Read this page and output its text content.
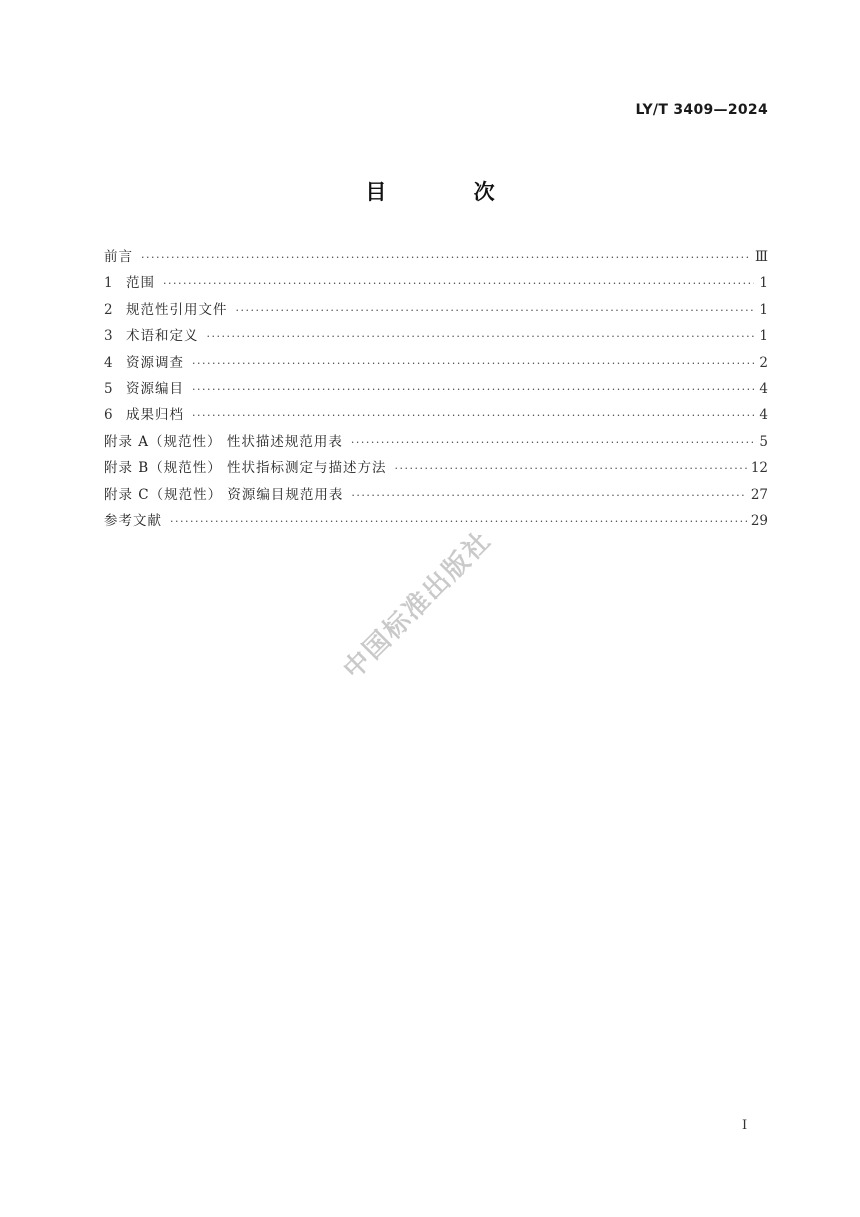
LY/T 3409—2024
目 次
前言 ·····	Ⅲ
1 范围 ·····	1
2 规范性引用文件 ·····	1
3 术语和定义 ·····	1
4 资源调查 ·····	2
5 资源编目 ·····	4
6 成果归档 ·····	4
附录 A（规范性） 性状描述规范用表 ·····	5
附录 B（规范性） 性状指标测定与描述方法 ·····	12
附录 C（规范性） 资源编目规范用表 ·····	27
参考文献 ·····	29
中国标准出版社
I
